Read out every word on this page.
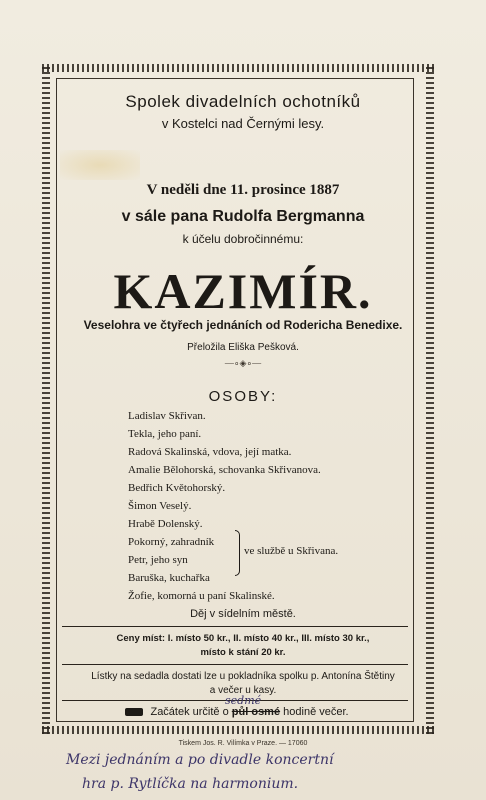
Spolek divadelních ochotníků
v Kostelci nad Černými lesy.
V neděli dne 11. prosince 1887
v sále pana Rudolfa Bergmanna
k účelu dobročinnému:
KAZIMÍR.
Veselohra ve čtyřech jednáních od Rodericha Benedixe.
Přeložila Eliška Pešková.
—∘◈∘—
OSOBY:
Ladislav Skřivan.
Tekla, jeho paní.
Radová Skalinská, vdova, její matka.
Amalie Bělohorská, schovanka Skřivanova.
Bedřich Květohorský.
Šimon Veselý.
Hrabě Dolenský.
Pokorný, zahradník
Petr, jeho syn
Baruška, kuchařka
Žofie, komorná u paní Skalinské.
ve službě u Skřivana.
Děj v sídelním městě.
Ceny míst: I. místo 50 kr., II. místo 40 kr., III. místo 30 kr.,
místo k stání 20 kr.
Lístky na sedadla dostati lze u pokladníka spolku p. Antonína Štětiny
a večer u kasy.
Začátek určitě o půl osmé hodině večer.
sedmé
Tiskem Jos. R. Vilímka v Praze. — 17060
Mezi jednáním a po divadle koncertní
hra p. Rytlíčka na harmonium.
